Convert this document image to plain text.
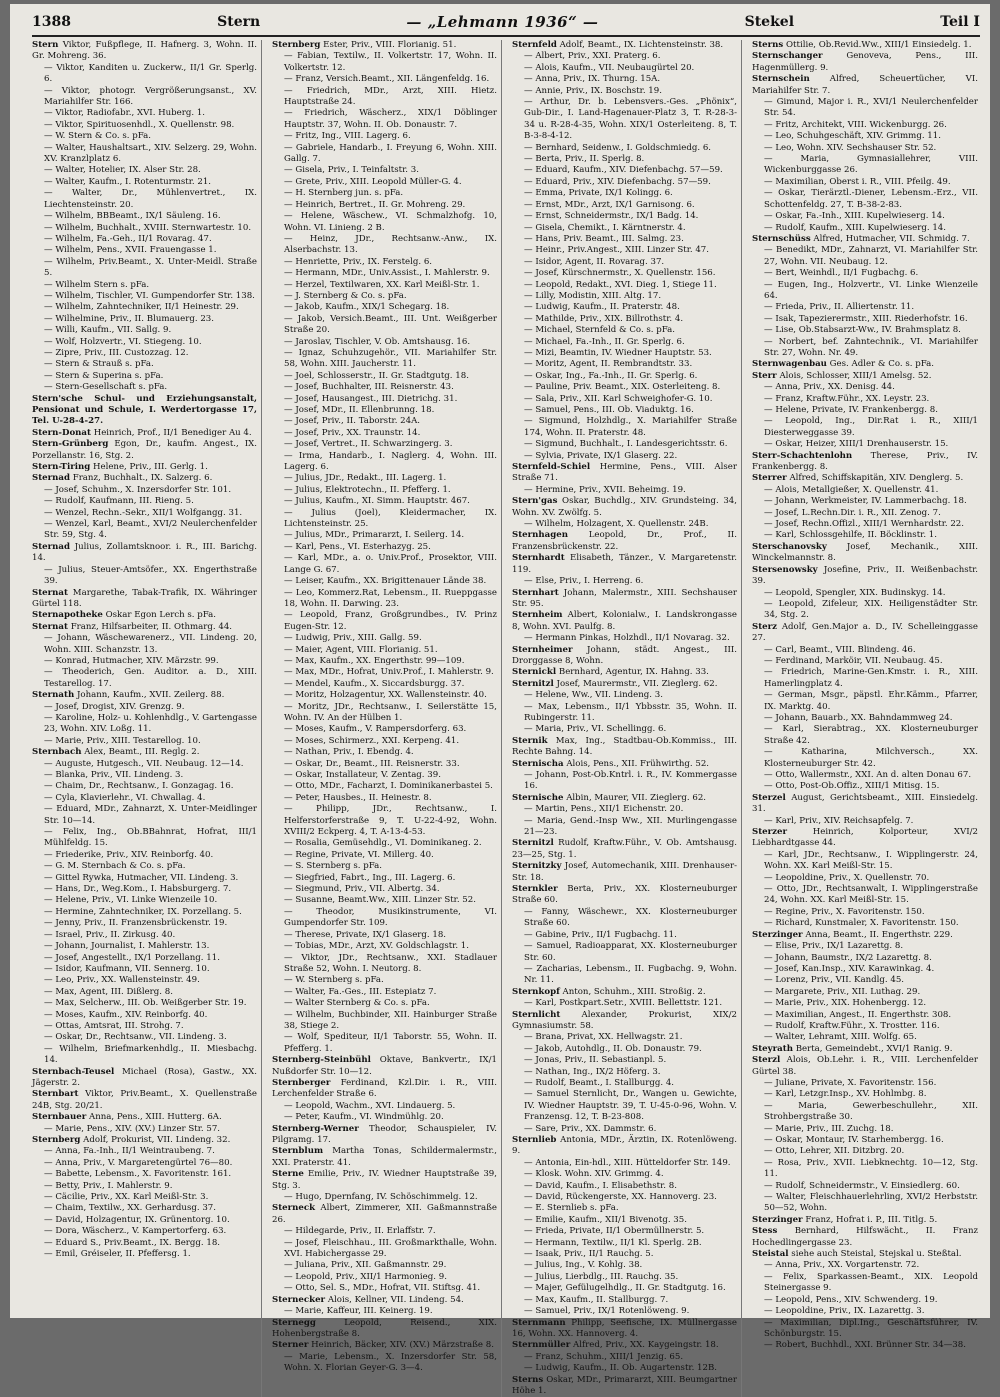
1388	Stern	— „Lehmann 1936“ —	Stekel	Teil I
Stern Viktor, Fußpflege, II. Hafnerg. 3, Wohn. II. Gr. Mohreng. 36.
— Viktor, Kanditen u. Zuckerw., II/1 Gr. Sperlg. 6.
— Viktor, photogr. Vergrößerungsanst., XV. Mariahilfer Str. 166.
— Viktor, Radiofabr., XVI. Huberg. 1.
— Viktor, Spirituosenhdl., X. Quellenstr. 98.
— W. Stern & Co. s. pFa.
— Walter, Haushaltsart., XIV. Selzerg. 29, Wohn. XV. Kranzlplatz 6.
— Walter, Hotelier, IX. Alser Str. 28.
— Walter, Kaufm., I. Rotenturmstr. 21.
— Walter, Dr., Mühlenvertret., IX. Liechtensteinstr. 20.
— Wilhelm, BBBeamt., IX/1 Säuleng. 16.
— Wilhelm, Buchhalt., XVIII. Sternwartestr. 10.
— Wilhelm, Fa.-Geh., II/1 Rovarag. 47.
— Wilhelm, Pens., XVII. Frauengasse 1.
— Wilhelm, Priv.Beamt., X. Unter-Meidl. Straße 5.
— Wilhelm Stern s. pFa.
— Wilhelm, Tischler, VI. Gumpendorfer Str. 138.
— Wilhelm, Zahntechniker, II/1 Heinestr. 29.
— Wilhelmine, Priv., II. Blumauerg. 23.
— Willi, Kaufm., VII. Sallg. 9.
— Wolf, Holzvertr., VI. Stiegeng. 10.
— Zipre, Priv., III. Custozzag. 12.
— Stern & Strauß s. pFa.
— Stern & Superina s. pFa.
— Stern-Gesellschaft s. pFa.
Stern'sche Schul- und Erziehungsanstalt, Pensionat und Schule, I. Werdertorgasse 17, Tel. U-28-4-27.
Stern-Donat Heinrich, Prof., II/1 Benediger Au 4.
Stern-Grünberg Egon, Dr., kaufm. Angest., IX. Porzellanstr. 16, Stg. 2.
Stern-Tiring Helene, Priv., III. Gerlg. 1.
Sternad Franz, Buchhalt., IX. Salzerg. 6.
— Josef, Schuhm., X. Inzersdorfer Str. 101.
— Rudolf, Kaufmann, III. Rieng. 5.
— Wenzel, Rechn.-Sekr., XII/1 Wolfgangg. 31.
— Wenzel, Karl, Beamt., XVI/2 Neulerchenfelder Str. 59, Stg. 4.
Sternad Julius, Zollamtsknoor. i. R., III. Barichg. 14.
— Julius, Steuer-Amtsöfer., XX. Engerthstraße 39.
Sternat Margarethe, Tabak-Trafik, IX. Währinger Gürtel 118.
Sternapotheke Oskar Egon Lerch s. pFa.
Sternat Franz, Hilfsarbeiter, II. Othmarg. 44.
— Johann, Wäschewarenerz., VII. Lindeng. 20, Wohn. XIII. Schanzstr. 13.
— Konrad, Hutmacher, XIV. Märzstr. 99.
— Theoderich, Gen. Auditor. a. D., XIII. Testarellog. 17.
Sternath Johann, Kaufm., XVII. Zeilerg. 88.
— Josef, Drogist, XIV. Grenzg. 9.
— Karoline, Holz- u. Kohlenhdlg., V. Gartengasse 23, Wohn. XIV. Loßg. 11.
— Marie, Priv., XIII. Testarellog. 10.
Sternbach Alex, Beamt., III. Reglg. 2.
— Auguste, Hutgesch., VII. Neubaug. 12—14.
— Blanka, Priv., VII. Lindeng. 3.
— Chaim, Dr., Rechtsanw., I. Gonzagag. 16.
— Cyla, Klavierlehr., VI. Chwallag. 4.
— Eduard, MDr., Zahnarzt, X. Unter-Meidlinger Str. 10—14.
— Felix, Ing., Ob.BBahnrat, Hofrat, III/1 Mühlfeldg. 15.
— Friederike, Priv., XIV. Reinborfg. 40.
— G. M. Sternbach & Co. s. pFa.
— Gittel Rywka, Hutmacher, VII. Lindeng. 3.
— Hans, Dr., Weg.Kom., I. Habsburgerg. 7.
— Helene, Priv., VI. Linke Wienzeile 10.
— Hermine, Zahntechniker, IX. Porzellang. 5.
— Jenny, Priv., II. Franzensbrückenstr. 19.
— Israel, Priv., II. Zirkusg. 40.
— Johann, Journalist, I. Mahlerstr. 13.
— Josef, Angestellt., IX/1 Porzellang. 11.
— Isidor, Kaufmann, VII. Sennerg. 10.
— Leo, Priv., XX. Wallensteinstr. 49.
— Max, Agent, III. Dißlerg. 8.
— Max, Selcherw., III. Ob. Weißgerber Str. 19.
— Moses, Kaufm., XIV. Reinborfg. 40.
— Ottas, Amtsrat, III. Strohg. 7.
— Oskar, Dr., Rechtsanw., VII. Lindeng. 3.
— Wilhelm, Briefmarkenhdlg., II. Miesbachg. 14.
Sternbach-Teusel Michael (Rosa), Gastw., XX. Jägerstr. 2.
Sternbart Viktor, Priv.Beamt., X. Quellenstraße 24B, Stg. 20/21.
Sternbauer Anna, Pens., XIII. Hutterg. 6A.
— Marie, Pens., XIV. (XV.) Linzer Str. 57.
Sternberg Adolf, Prokurist, VII. Lindeng. 32.
— Anna, Fa.-Inh., II/1 Weintraubeng. 7.
— Anna, Priv., V. Margaretengürtel 76—80.
— Babette, Lebensm., X. Favoritenstr. 161.
— Betty, Priv., I. Mahlerstr. 9.
— Cäcilie, Priv., XX. Karl Meißl-Str. 3.
— Chaim, Textilw., XX. Gerhardusg. 37.
— David, Holzagentur, IX. Grünentorg. 10.
— Dora, Wäscherz., V. Kampertorferg. 63.
— Eduard S., Priv.Beamt., IX. Bergg. 18.
— Emil, Gréiseler, II. Pfeffersg. 1.
Sternberg Ester, Priv., VIII. Florianig. 51.
— Fabian, Textilw., II. Volkertstr. 17, Wohn. II. Volkertstr. 12.
— Franz, Versich.Beamt., XII. Längenfeldg. 16.
— Friedrich, MDr., Arzt, XIII. Hietz. Hauptstraße 24.
— Friedrich, Wäscherz., XIX/1 Döblinger Hauptstr. 37, Wohn. II. Ob. Donaustr. 7.
— Fritz, Ing., VIII. Lagerg. 6.
— Gabriele, Handarb., I. Freyung 6, Wohn. XIII. Gallg. 7.
— Gisela, Priv., I. Teinfaltstr. 3.
— Grete, Priv., XIII. Leopold Müller-G. 4.
— H. Sternberg jun. s. pFa.
— Heinrich, Bertret., II. Gr. Mohreng. 29.
— Helene, Wäschew., VI. Schmalzhofg. 10, Wohn. VI. Linieng. 2 B.
— Heinz, JDr., Rechtsanw.-Anw., IX. Alserbachstr. 13.
— Henriette, Priv., IX. Ferstelg. 6.
— Hermann, MDr., Univ.Assist., I. Mahlerstr. 9.
— Herzel, Textilwaren, XX. Karl Meißl-Str. 1.
— J. Sternberg & Co. s. pFa.
— Jakob, Kaufm., XIX/1 Schegarg. 18.
— Jakob, Versich.Beamt., III. Unt. Weißgerber Straße 20.
— Jaroslav, Tischler, V. Ob. Amtshausg. 16.
— Ignaz, Schuhzugehör., VII. Mariahilfer Str. 58, Wohn. XIII. Jaucherstr. 11.
— Joel, Schlosserstr., II. Gr. Stadtgutg. 18.
— Josef, Buchhalter, III. Reisnerstr. 43.
— Josef, Hausangest., III. Dietrichg. 31.
— Josef, MDr., II. Ellenbrunng. 18.
— Josef, Priv., II. Taborstr. 24A.
— Josef, Priv., XX. Traunstr. 14.
— Josef, Vertret., II. Schwarzingerg. 3.
— Irma, Handarb., I. Naglerg. 4, Wohn. III. Lagerg. 6.
— Julius, JDr., Redakt., III. Lagerg. 1.
— Julius, Elektrotechn., II. Pfefferg. 1.
— Julius, Kaufm., XI. Simm. Hauptstr. 467.
— Julius (Joel), Kleidermacher, IX. Lichtensteinstr. 25.
— Julius, MDr., Primararzt, I. Seilerg. 14.
— Karl, Pens., VI. Esterhazyg. 25.
— Karl, MDr., a. o. Univ.Prof., Prosektor, VIII. Lange G. 67.
— Leiser, Kaufm., XX. Brigittenauer Lände 38.
— Leo, Kommerz.Rat, Lebensm., II. Rueppgasse 18, Wohn. II. Darwing. 23.
— Leopold, Franz, Großgrundbes., IV. Prinz Eugen-Str. 12.
— Ludwig, Priv., XIII. Gallg. 59.
— Maier, Agent, VIII. Florianig. 51.
— Max, Kaufm., XX. Engerthstr. 99—109.
— Max, MDr., Hofrat, Univ.Prof., I. Mahlerstr. 9.
— Mendel, Kaufm., X. Siccardsburgg. 37.
— Moritz, Holzagentur, XX. Wallensteinstr. 40.
— Moritz, JDr., Rechtsanw., I. Seilerstätte 15, Wohn. IV. An der Hülben 1.
— Moses, Kaufm., V. Rampersdorferg. 63.
— Moses, Schirmerz., XXI. Kerpeng. 41.
— Nathan, Priv., I. Ebendg. 4.
— Oskar, Dr., Beamt., III. Reisnerstr. 33.
— Oskar, Installateur, V. Zentag. 39.
— Otto, MDr., Facharzt, I. Dominikanerbastei 5.
— Peter, Hausbes., II. Heinestr. 8.
— Philipp, JDr., Rechtsanw., I. Helferstorferstraße 9, T. U-22-4-92, Wohn. XVIII/2 Eckperg. 4, T. A-13-4-53.
— Rosalia, Gemüsehdlg., VI. Dominikaneg. 2.
— Regine, Private, VI. Millerg. 40.
— S. Sternberg s. pFa.
— Siegfried, Fabrt., Ing., III. Lagerg. 6.
— Siegmund, Priv., VII. Albertg. 34.
— Susanne, Beamt.Ww., XIII. Linzer Str. 52.
— Theodor, Musikinstrumente, VI. Gumpendorfer Str. 109.
— Therese, Private, IX/1 Glaserg. 18.
— Tobias, MDr., Arzt, XV. Goldschlagstr. 1.
— Viktor, JDr., Rechtsanw., XXI. Stadlauer Straße 52, Wohn. I. Neutorg. 8.
— W. Sternberg s. pFa.
— Walter, Fa.-Ges., III. Estepiatz 7.
— Walter Sternberg & Co. s. pFa.
— Wilhelm, Buchbinder, XII. Hainburger Straße 38, Stiege 2.
— Wolf, Spediteur, II/1 Taborstr. 55, Wohn. II. Pfefferg. 1.
Sternberg-Steinbühl Oktave, Bankvertr., IX/1 Nußdorfer Str. 10—12.
Sternberger Ferdinand, Kzl.Dir. i. R., VIII. Lerchenfelder Straße 6.
— Leopold, Wachm., XVI. Lindauerg. 5.
— Peter, Kaufm., VI. Windmühlg. 20.
Sternberg-Werner Theodor, Schauspieler, IV. Pilgramg. 17.
Sternblum Martha Tonas, Schildermalermstr., XXI. Praterstr. 41.
Sterne Emilie, Priv., IV. Wiedner Hauptstraße 39, Stg. 3.
— Hugo, Dpernfang, IV. Schöschimmelg. 12.
Sterneck Albert, Zimmerer, XII. Gaßmannstraße 26.
— Hildegarde, Priv., II. Erlaffstr. 7.
— Josef, Fleischhau., III. Großmarkthalle, Wohn. XVI. Habichergasse 29.
— Juliana, Priv., XII. Gaßmannstr. 29.
— Leopold, Priv., XII/1 Harmonieg. 9.
— Otto, Sel. S., MDr., Hofrat, VII. Stiftsg. 41.
Sternecker Alois, Kellner, VII. Lindeng. 54.
— Marie, Kaffeur, III. Keinerg. 19.
Sternegg	Leopold, Reisend., XIX. Hohenbergstraße 8.
Sterner Heinrich, Bäcker, XIV. (XV.) Märzstraße 8.
— Marie, Lebensm., X. Inzersdorfer Str. 58, Wohn. X. Florian Geyer-G. 3—4.
Sternfeld Adolf, Beamt., IX. Lichtensteinstr. 38.
— Albert, Priv., XXI. Praterg. 6.
— Alois, Kaufm., VII. Neubaugürtel 20.
— Anna, Priv., IX. Thurng. 15A.
— Annie, Priv., IX. Boschstr. 19.
— Arthur, Dr. b. Lebensvers.-Ges. „Phönix“, Gub-Dir., I. Land-Hagenauer-Platz 3, T. R-28-3-34 u. R-28-4-35, Wohn. XIX/1 Osterleiteng. 8, T. B-3-8-4-12.
— Bernhard, Seidenw., I. Goldschmiedg. 6.
— Berta, Priv., II. Sperlg. 8.
— Eduard, Kaufm., XIV. Diefenbachg. 57—59.
— Eduard, Priv., XIV. Diefenbachg. 57—59.
— Emma, Private, IX/1 Kolingg. 6.
— Ernst, MDr., Arzt, IX/1 Garnisong. 6.
— Ernst, Schneidermstr., IX/1 Badg. 14.
— Gisela, Chemikt., I. Kärntnerstr. 4.
— Hans, Priv. Beamt., III. Salmg. 23.
— Heinr., Priv.Angest., XIII. Linzer Str. 47.
— Isidor, Agent, II. Rovarag. 37.
— Josef, Kürschnermstr., X. Quellenstr. 156.
— Leopold, Redakt., XVI. Dieg. 1, Stiege 11.
— Lilly, Modistin, XIII. Altg. 17.
— Ludwig, Kaufm., II. Praterstr. 48.
— Mathilde, Priv., XIX. Billrothstr. 4.
— Michael, Sternfeld & Co. s. pFa.
— Michael, Fa.-Inh., II. Gr. Sperlg. 6.
— Mizi, Beamtin, IV. Wiedner Hauptstr. 53.
— Moritz, Agent, II. Rembrandtstr. 33.
— Oskar, Ing., Fa.-Inh., II. Gr. Sperlg. 6.
— Pauline, Priv. Beamt., XIX. Osterleiteng. 8.
— Sala, Priv., XII. Karl Schweighofer-G. 10.
— Samuel, Pens., III. Ob. Viaduktg. 16.
— Sigmund, Holzhdlg., X. Mariahilfer Straße 174, Wohn. II. Praterstr. 48.
— Sigmund, Buchhalt., I. Landesgerichtsstr. 6.
— Sylvia, Private, IX/1 Glaserg. 22.
Sternfeld-Schiel Hermine, Pens., VIII. Alser Straße 71.
— Hermine, Priv., XVII. Beheimg. 19.
Stern'gas Oskar, Buchdlg., XIV. Grundsteing. 34, Wohn. XV. Zwölfg. 5.
— Wilhelm, Holzagent, X. Quellenstr. 24B.
Sternhagen Leopold, Dr., Prof., II. Franzensbrückenstr. 22.
Sternhardt Elisabeth, Tänzer., V. Margaretenstr. 119.
— Else, Priv., I. Herreng. 6.
Sternhart Johann, Malermstr., XIII. Sechshauser Str. 95.
Sternheim Albert, Kolonialw., I. Landskrongasse 8, Wohn. XVI. Paulfg. 8.
— Hermann Pinkas, Holzhdl., II/1 Novarag. 32.
Sternheimer Johann, städt. Angest., III. Drorggasse 8, Wohn.
Sternickl Bernhard, Agentur, IX. Hahng. 33.
Sternitzl Josef, Maurermstr., VII. Zieglerg. 62.
— Helene, Ww., VII. Lindeng. 3.
— Max, Lebensm., II/1 Ybbsstr. 35, Wohn. II. Rubingerstr. 11.
— Maria, Priv., VI. Schellingg. 6.
Sternik Max, Ing., Stadtbau-Ob.Kommiss., III. Rechte Bahng. 14.
Sternischa Alois, Pens., XII. Frühwirthg. 52.
— Johann, Post-Ob.Kntrl. i. R., IV. Kommergasse 16.
Sternische Albin, Maurer, VII. Zieglerg. 62.
— Martin, Pens., XII/1 Eichenstr. 20.
— Maria, Gend.-Insp Ww., XII. Murlingengasse 21—23.
Sternitzl Rudolf, Kraftw.Führ., V. Ob. Amtshausg. 23—25, Stg. 1.
Sternitzky Josef, Automechanik, XIII. Drenhauser-Str. 18.
Sternkler Berta, Priv., XX. Klosterneuburger Straße 60.
— Fanny, Wäschewr., XX. Klosterneuburger Straße 60.
— Gabine, Priv., II/1 Fugbachg. 11.
— Samuel, Radioapparat, XX. Klosterneuburger Str. 60.
— Zacharias, Lebensm., II. Fugbachg. 9, Wohn. Nr. 11.
Sternkopf Anton, Schuhm., XIII. Stroßig. 2.
— Karl, Postkpart.Setr., XVIII. Bellettstr. 121.
Sternlicht Alexander, Prokurist, XIX/2 Gymnasiumstr. 58.
— Brana, Privat, XX. Hellwagstr. 21.
— Jakob, Autohdlg., II. Ob. Donaustr. 79.
— Jonas, Priv., II. Sebastianpl. 5.
— Nathan, Ing., IX/2 Höferg. 3.
— Rudolf, Beamt., I. Stallburgg. 4.
— Samuel Sternlicht, Dr., Wangen u. Gewichte, IV. Wiedner Hauptstr. 39, T. U-45-0-96, Wohn. V. Franzensg. 12, T. B-23-808.
— Sare, Priv., XX. Dammstr. 6.
Sternlieb Antonia, MDr., Ärztin, IX. Rotenlöweng. 9.
— Antonia, Ein-hdl., XIII. Hütteldorfer Str. 149.
— Klosk. Wohn. XIV. Grimmg. 4.
— David, Kaufm., I. Elisabethstr. 8.
— David, Rückengerste, XX. Hannoverg. 23.
— E. Sternlieb s. pFa.
— Emilie, Kaufm., XII/1 Bivenotg. 35.
— Frieda, Private, II/1 Obermüllnerstr. 5.
— Hermann, Textilw., II/1 Kl. Sperlg. 2B.
— Isaak, Priv., II/1 Rauchg. 5.
— Julius, Ing., V. Kohlg. 38.
— Julius, Lierbdlg., III. Rauchg. 35.
— Majer, Gefülugelhdlg., II. Gr. Stadtgutg. 16.
— Max, Kaufm., II. Stallburgg. 7.
— Samuel, Priv., IX/1 Rotenlöweng. 9.
Sternmann Philipp, Seefische, IX. Müllnergasse 16, Wohn. XX. Hannoverg. 4.
Sternmüller Alfred, Priv., XX. Kaygeingstr. 18.
— Franz, Schuhm., XIII/1 Jenzig. 65.
— Ludwig, Kaufm., II. Ob. Augartenstr. 12B.
Sterns Oskar, MDr., Primararzt, XIII. Beumgartner Höhe 1.
Sterns Ottilie, Ob.Revid.Ww., XIII/1 Einsiedelg. 1.
Sternschanger	Genoveva, Pens., III. Hagenmüllerg. 9.
Sternschein Alfred, Scheuertücher, VI. Mariahilfer Str. 7.
— Gimund, Major i. R., XVI/1 Neulerchenfelder Str. 54.
— Fritz, Architekt, VIII. Wickenburgg. 26.
— Leo, Schuhgeschäft, XIV. Grimmg. 11.
— Leo, Wohn. XIV. Sechshauser Str. 52.
— Maria, Gymnasiallehrer, VIII. Wickenburggasse 26.
— Maximilian, Oberst i. R., VIII. Pfeilg. 49.
— Oskar, Tierärztl.-Diener, Lebensm.-Erz., VII. Schottenfeldg. 27, T. B-38-2-83.
— Oskar, Fa.-Inh., XIII. Kupelwieserg. 14.
— Rudolf, Kaufm., XIII. Kupelwieserg. 14.
Sternschüss Alfred, Hutmacher, VII. Schmidg. 7.
— Benedikt, MDr., Zahnarzt, VI. Mariahilfer Str. 27, Wohn. VII. Neubaug. 12.
— Bert, Weinhdl., II/1 Fugbachg. 6.
— Eugen, Ing., Holzvertr., VI. Linke Wienzeile 64.
— Frieda, Priv., II. Alliertenstr. 11.
— Isak, Tapezierermstr., XIII. Riederhofstr. 16.
— Lise, Ob.Stabsarzt-Ww., IV. Brahmsplatz 8.
— Norbert, bef. Zahntechnik., VI. Mariahilfer Str. 27, Wohn. Nr. 49.
Sternwagenbau Ges. Adler & Co. s. pFa.
Sterr Alois, Schlosser, XIII/1 Amelsg. 52.
— Anna, Priv., XX. Denisg. 44.
— Franz, Kraftw.Führ., XX. Leystr. 23.
— Helene, Private, IV. Frankenbergg. 8.
— Leopold, Ing., Dir.Rat i. R., XIII/1 Diesterweggasse 39.
— Oskar, Heizer, XIII/1 Drenhauserstr. 15.
Sterr-Schachtenlohn Therese, Priv., IV. Frankenbergg. 8.
Sterrer Alfred, Schiffskapitän, XIV. Denglerg. 5.
— Alois, Metallgießer, X. Quellenstr. 41.
— Johann, Werkmeister, IV. Lammerbachg. 18.
— Josef, L.Rechn.Dir. i. R., XII. Zenog. 7.
— Josef, Rechn.Offizl., XIII/1 Wernhardstr. 22.
— Karl, Schlossgehilfe, II. Böcklinstr. 1.
Sterschanovsky Josef, Mechanik., XIII. Winckelmannstr. 8.
Stersenowsky Josefine, Priv., II. Weißenbachstr. 39.
— Leopold, Spengler, XIX. Budinskyg. 14.
— Leopold, Zifeleur, XIX. Heiligenstädter Str. 34, Stg. 2.
Sterz Adolf, Gen.Major a. D., IV. Schelleinggasse 27.
— Carl, Beamt., VIII. Blindeng. 46.
— Ferdinand, Marköir, VII. Neubaug. 45.
— Friedrich, Marine-Gen.Kmstr. i. R., XIII. Hamerlingplatz 4.
— German, Msgr., päpstl. Ehr.Kämm., Pfarrer, IX. Marktg. 40.
— Johann, Bauarb., XX. Bahndammweg 24.
— Karl, Sierabtrag., XX. Klosterneuburger Straße 42.
— Katharina, Milchversch., XX. Klosterneuburger Str. 42.
— Otto, Wallermstr., XXI. An d. alten Donau 67.
— Otto, Post-Ob.Offiz., XIII/1 Mitisg. 15.
Sterzel August, Gerichtsbeamt., XIII. Einsiedelg. 31.
— Karl, Priv., XIV. Reichsapfelg. 7.
Sterzer	Heinrich, Kolporteur, XVI/2 Liebhardtgasse 44.
— Karl, JDr., Rechtsanw., I. Wipplingerstr. 24, Wohn. XX. Karl Meißl-Str. 15.
— Leopoldine, Priv., X. Quellenstr. 70.
— Otto, JDr., Rechtsanwalt, I. Wipplingerstraße 24, Wohn. XX. Karl Meißl-Str. 15.
— Regine, Priv., X. Favoritenstr. 150.
— Richard, Kunstmaler, X. Favoritenstr. 150.
Sterzinger Anna, Beamt., II. Engerthstr. 229.
— Elise, Priv., IX/1 Lazarettg. 8.
— Johann, Baumstr., IX/2 Lazarettg. 8.
— Josef, Kan.Insp., XIV. Karawinkag. 4.
— Lorenz, Priv., VII. Kandlg. 45.
— Margarete, Priv., XII. Luthag. 29.
— Marie, Priv., XIX. Hohenbergg. 12.
— Maximilian, Angest., II. Engerthstr. 308.
— Rudolf, Kraftw.Führ., X. Trostter. 116.
— Walter, Lehramt, XIII. Wolfg. 65.
Steyrath Berta, Gemeindebt., XVI/1 Ranig. 9.
Sterzl Alois, Ob.Lehr. i. R., VIII. Lerchenfelder Gürtel 38.
— Juliane, Private, X. Favoritenstr. 156.
— Karl, Letzgr.Insp., XV. Hohlmbg. 8.
— Maria, Gewerbeschullehr., XII. Strohbergstraße 30.
— Marie, Priv., III. Zuchg. 18.
— Oskar, Montaur, IV. Starhembergg. 16.
— Otto, Lehrer, XII. Ditzbrg. 20.
— Rosa, Priv., XVII. Liebknechtg. 10—12, Stg. 11.
— Rudolf, Schneidermstr., V. Einsiedlerg. 60.
— Walter, Fleischhauerlehrling, XVI/2 Herbststr. 50—52, Wohn.
Sterzinger Franz, Hofrat i. P., III. Titlg. 5.
Stess Bernhard, Hilfswächt., II. Franz Hochedlingergasse 23.
Steistal siehe auch Steistal, Stejskal u. Steßtal.
— Anna, Priv., XX. Vorgartenstr. 72.
— Felix, Sparkassen-Beamt., XIX. Leopold Steinergasse 9.
— Leopold, Pens., XIV. Schwenderg. 19.
— Leopoldine, Priv., IX. Lazarettg. 3.
— Maximilian, Dipl.Ing., Geschäftsführer, IV. Schönburgstr. 15.
— Robert, Buchhdl., XXI. Brünner Str. 34—38.
